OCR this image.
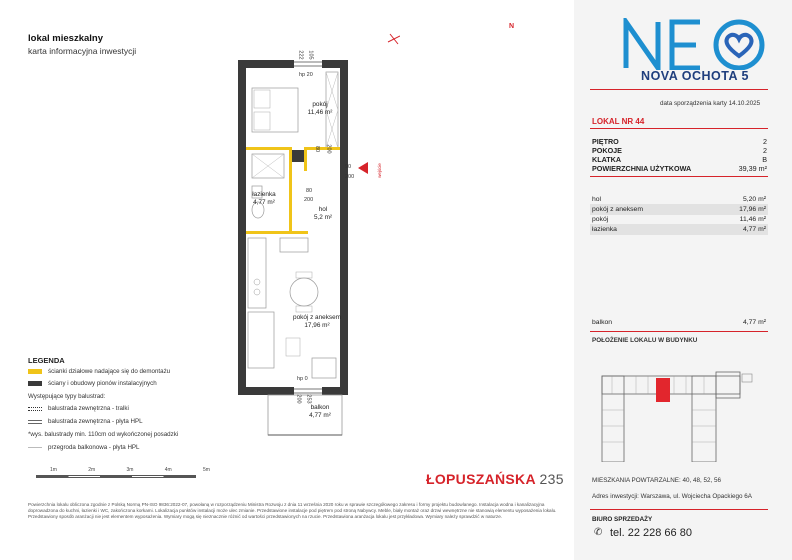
lokal mieszkalny
karta informacyjna inwestycji
pokój
11,46 m²
łazienka
4,77 m²
hol
5,2 m²
pokój z aneksem
17,96 m²
balkon
4,77 m²
hp 20
222 105
80 200
90
200
80
200
hp 0
200 253
wejście
N
LEGENDA
ścianki działowe nadające się do demontażu
ściany i obudowy pionów instalacyjnych
Występujące typy balustrad:
balustrada zewnętrzna - tralki
balustrada zewnętrzna - płyta HPL
*wys. balustrady min. 110cm od wykończonej posadzki
przegroda balkonowa - płyta HPL
1m	2m	3m	4m	5m
ŁOPUSZAŃSKA 235
Powierzchnia lokalu obliczona zgodnie z Polską Normą PN-ISO 9836:2022-07, powołaną w rozporządzeniu Ministra Rozwoju z dnia 11 września 2020 roku w sprawie szczegółowego zakresu i formy projektu budowlanego. Instalacja wodna i kanalizacyjna doprowadzona do kuchni, łazienki i WC, zakończona korkami. Lokalizacja punktów instalacji może ulec zmianie. Przedstawione instalacje pod piętrem pod stroną Nabywcy. Meble, biały montaż oraz drzwi wewnętrzne nie stanowią elementu wyposażenia lokalu. Przedstawiony sposób aranżacji nie jest elementem wyposażenia. Wymiary mogą się nieznacznie różnić od wartości przedstawionych na rzucie. Przedstawiona aranżacja lokalu jest przykładowa. Wymiary należy sprawdzić w naturze.
NOVA OCHOTA 5
data sporządzenia karty 14.10.2025
LOKAL NR 44
PIĘTRO	2
POKOJE	2
KLATKA	B
POWIERZCHNIA UŻYTKOWA	39,39 m²
hol	5,20 m²
pokój z aneksem	17,96 m²
pokój	11,46 m²
łazienka	4,77 m²
balkon	4,77 m²
POŁOŻENIE LOKALU W BUDYNKU
MIESZKANIA POWTARZALNE: 40, 48, 52, 56
Adres inwestycji: Warszawa, ul. Wojciecha Opackiego 6A
BIURO SPRZEDAŻY
✆ tel. 22 228 66 80
